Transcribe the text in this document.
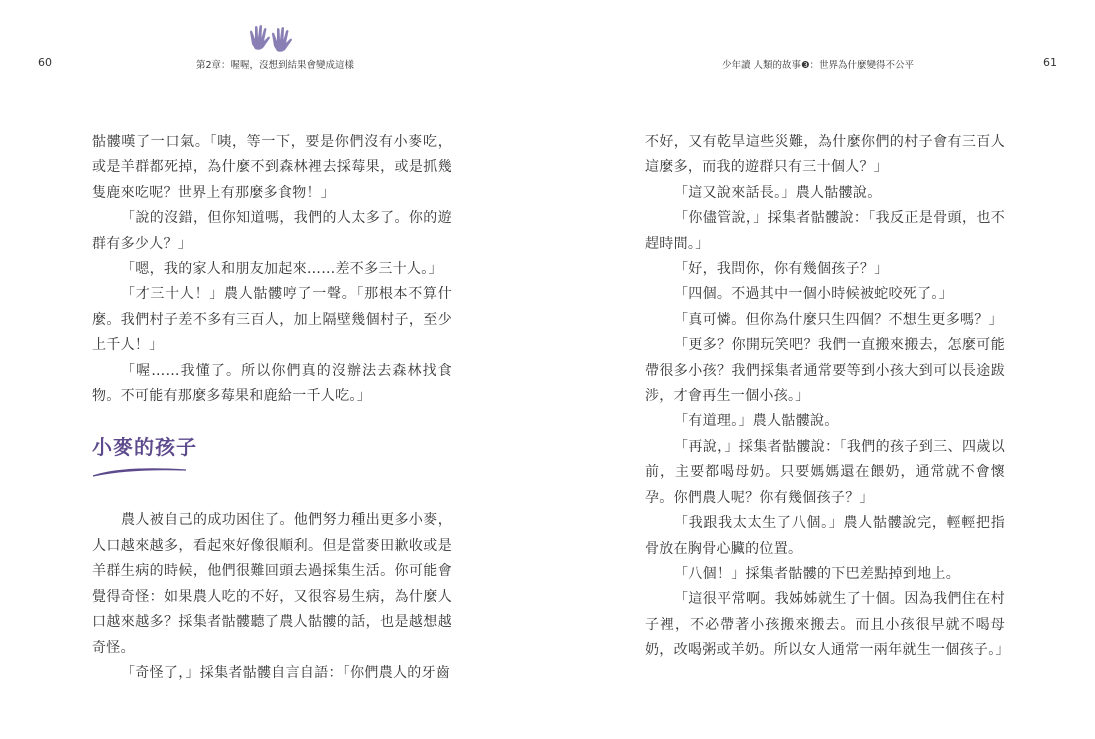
60	第2章：喔喔，沒想到結果會變成這樣	少年讀 人類的故事❸：世界為什麼變得不公平	61

骷髏嘆了一口氣。「咦，等一下，要是你們沒有小麥吃，或是羊群都死掉，為什麼不到森林裡去採莓果，或是抓幾隻鹿來吃呢？世界上有那麼多食物！」

「說的沒錯，但你知道嗎，我們的人太多了。你的遊群有多少人？」

「嗯，我的家人和朋友加起來……差不多三十人。」

「才三十人！」農人骷髏哼了一聲。「那根本不算什麼。我們村子差不多有三百人，加上隔壁幾個村子，至少上千人！」

「喔……我懂了。所以你們真的沒辦法去森林找食物。不可能有那麼多莓果和鹿給一千人吃。」

小麥的孩子

農人被自己的成功困住了。他們努力種出更多小麥，人口越來越多，看起來好像很順利。但是當麥田歉收或是羊群生病的時候，他們很難回頭去過採集生活。你可能會覺得奇怪：如果農人吃的不好，又很容易生病，為什麼人口越來越多？採集者骷髏聽了農人骷髏的話，也是越想越奇怪。

「奇怪了，」採集者骷髏自言自語：「你們農人的牙齒

不好，又有乾旱這些災難，為什麼你們的村子會有三百人這麼多，而我的遊群只有三十個人？」

「這又說來話長。」農人骷髏說。

「你儘管說，」採集者骷髏說：「我反正是骨頭，也不趕時間。」

「好，我問你，你有幾個孩子？」

「四個。不過其中一個小時候被蛇咬死了。」

「真可憐。但你為什麼只生四個？不想生更多嗎？」

「更多？你開玩笑吧？我們一直搬來搬去，怎麼可能帶很多小孩？我們採集者通常要等到小孩大到可以長途跋涉，才會再生一個小孩。」

「有道理。」農人骷髏說。

「再說，」採集者骷髏說：「我們的孩子到三、四歲以前，主要都喝母奶。只要媽媽還在餵奶，通常就不會懷孕。你們農人呢？你有幾個孩子？」

「我跟我太太生了八個。」農人骷髏說完，輕輕把指骨放在胸骨心臟的位置。

「八個！」採集者骷髏的下巴差點掉到地上。

「這很平常啊。我姊姊就生了十個。因為我們住在村子裡，不必帶著小孩搬來搬去。而且小孩很早就不喝母奶，改喝粥或羊奶。所以女人通常一兩年就生一個孩子。」
